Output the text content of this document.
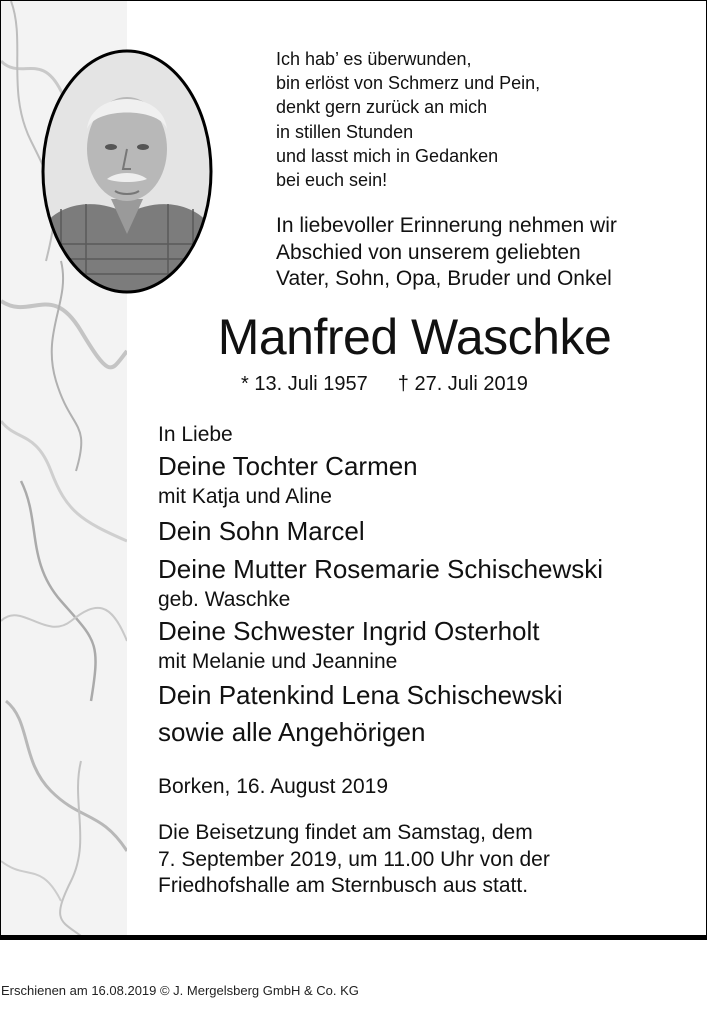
Ich hab’ es überwunden,
bin erlöst von Schmerz und Pein,
denkt gern zurück an mich
in stillen Stunden
und lasst mich in Gedanken
bei euch sein!
In liebevoller Erinnerung nehmen wir
Abschied von unserem geliebten
Vater, Sohn, Opa, Bruder und Onkel
Manfred Waschke
* 13. Juli 1957 † 27. Juli 2019
In Liebe
Deine Tochter Carmen
mit Katja und Aline
Dein Sohn Marcel
Deine Mutter Rosemarie Schischewski
geb. Waschke
Deine Schwester Ingrid Osterholt
mit Melanie und Jeannine
Dein Patenkind Lena Schischewski
sowie alle Angehörigen
Borken, 16. August 2019
Die Beisetzung findet am Samstag, dem
7. September 2019, um 11.00 Uhr von der
Friedhofshalle am Sternbusch aus statt.
Erschienen am 16.08.2019 © J. Mergelsberg GmbH & Co. KG
